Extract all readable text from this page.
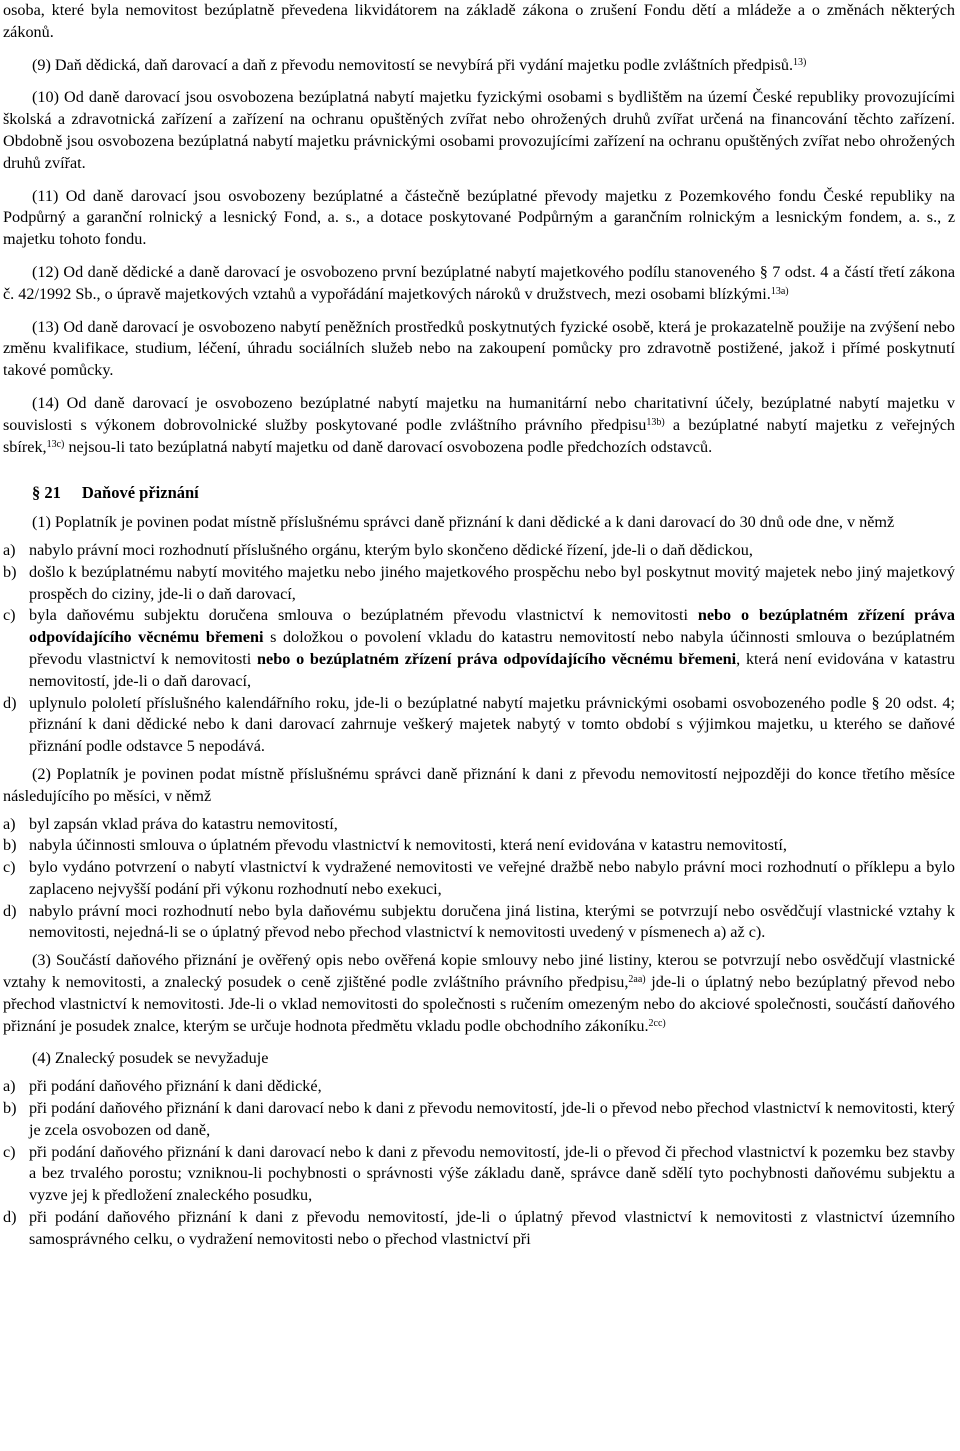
osoba, které byla nemovitost bezúplatně převedena likvidátorem na základě zákona o zrušení Fondu dětí a mládeže a o změnách některých zákonů.

(9) Daň dědická, daň darovací a daň z převodu nemovitostí se nevybírá při vydání majetku podle zvláštních předpisů.$^{13)}$

(10) Od daně darovací jsou osvobozena bezúplatná nabytí majetku fyzickými osobami s bydlištěm na území České republiky provozujícími školská a zdravotnická zařízení a zařízení na ochranu opuštěných zvířat nebo ohrožených druhů zvířat určená na financování těchto zařízení. Obdobně jsou osvobozena bezúplatná nabytí majetku právnickými osobami provozujícími zařízení na ochranu opuštěných zvířat nebo ohrožených druhů zvířat.

(11) Od daně darovací jsou osvobozeny bezúplatné a částečně bezúplatné převody majetku z Pozemkového fondu České republiky na Podpůrný a garanční rolnický a lesnický Fond, a. s., a dotace poskytované Podpůrným a garančním rolnickým a lesnickým fondem, a. s., z majetku tohoto fondu.

(12) Od daně dědické a daně darovací je osvobozeno první bezúplatné nabytí majetkového podílu stanoveného § 7 odst. 4 a částí třetí zákona č. 42/1992 Sb., o úpravě majetkových vztahů a vypořádání majetkových nároků v družstvech, mezi osobami blízkými.$^{13a)}$

(13) Od daně darovací je osvobozeno nabytí peněžních prostředků poskytnutých fyzické osobě, která je prokazatelně použije na zvýšení nebo změnu kvalifikace, studium, léčení, úhradu sociálních služeb nebo na zakoupení pomůcky pro zdravotně postižené, jakož i přímé poskytnutí takové pomůcky.

(14) Od daně darovací je osvobozeno bezúplatné nabytí majetku na humanitární nebo charitativní účely, bezúplatné nabytí majetku v souvislosti s výkonem dobrovolnické služby poskytované podle zvláštního právního předpisu$^{13b)}$ a bezúplatné nabytí majetku z veřejných sbírek,$^{13c)}$ nejsou-li tato bezúplatná nabytí majetku od daně darovací osvobozena podle předchozích odstavců.

§ 21 Daňové přiznání

(1) Poplatník je povinen podat místně příslušnému správci daně přiznání k dani dědické a k dani darovací do 30 dnů ode dne, v němž

a) nabylo právní moci rozhodnutí příslušného orgánu, kterým bylo skončeno dědické řízení, jde-li o daň dědickou,
b) došlo k bezúplatnému nabytí movitého majetku nebo jiného majetkového prospěchu nebo byl poskytnut movitý majetek nebo jiný majetkový prospěch do ciziny, jde-li o daň darovací,
c) byla daňovému subjektu doručena smlouva o bezúplatném převodu vlastnictví k nemovitosti nebo o bezúplatném zřízení práva odpovídajícího věcnému břemeni s doložkou o povolení vkladu do katastru nemovitostí nebo nabyla účinnosti smlouva o bezúplatném převodu vlastnictví k nemovitosti nebo o bezúplatném zřízení práva odpovídajícího věcnému břemeni, která není evidována v katastru nemovitostí, jde-li o daň darovací,
d) uplynulo pololetí příslušného kalendářního roku, jde-li o bezúplatné nabytí majetku právnickými osobami osvobozeného podle § 20 odst. 4; přiznání k dani dědické nebo k dani darovací zahrnuje veškerý majetek nabytý v tomto období s výjimkou majetku, u kterého se daňové přiznání podle odstavce 5 nepodává.

(2) Poplatník je povinen podat místně příslušnému správci daně přiznání k dani z převodu nemovitostí nejpozději do konce třetího měsíce následujícího po měsíci, v němž

a) byl zapsán vklad práva do katastru nemovitostí,
b) nabyla účinnosti smlouva o úplatném převodu vlastnictví k nemovitosti, která není evidována v katastru nemovitostí,
c) bylo vydáno potvrzení o nabytí vlastnictví k vydražené nemovitosti ve veřejné dražbě nebo nabylo právní moci rozhodnutí o příklepu a bylo zaplaceno nejvyšší podání při výkonu rozhodnutí nebo exekuci,
d) nabylo právní moci rozhodnutí nebo byla daňovému subjektu doručena jiná listina, kterými se potvrzují nebo osvědčují vlastnické vztahy k nemovitosti, nejedná-li se o úplatný převod nebo přechod vlastnictví k nemovitosti uvedený v písmenech a) až c).

(3) Součástí daňového přiznání je ověřený opis nebo ověřená kopie smlouvy nebo jiné listiny, kterou se potvrzují nebo osvědčují vlastnické vztahy k nemovitosti, a znalecký posudek o ceně zjištěné podle zvláštního právního předpisu,$^{2aa)}$ jde-li o úplatný nebo bezúplatný převod nebo přechod vlastnictví k nemovitosti. Jde-li o vklad nemovitosti do společnosti s ručením omezeným nebo do akciové společnosti, součástí daňového přiznání je posudek znalce, kterým se určuje hodnota předmětu vkladu podle obchodního zákoníku.$^{2cc)}$

(4) Znalecký posudek se nevyžaduje

a) při podání daňového přiznání k dani dědické,
b) při podání daňového přiznání k dani darovací nebo k dani z převodu nemovitostí, jde-li o převod nebo přechod vlastnictví k nemovitosti, který je zcela osvobozen od daně,
c) při podání daňového přiznání k dani darovací nebo k dani z převodu nemovitostí, jde-li o převod či přechod vlastnictví k pozemku bez stavby a bez trvalého porostu; vzniknou-li pochybnosti o správnosti výše základu daně, správce daně sdělí tyto pochybnosti daňovému subjektu a vyzve jej k předložení znaleckého posudku,
d) při podání daňového přiznání k dani z převodu nemovitostí, jde-li o úplatný převod vlastnictví k nemovitosti z vlastnictví územního samosprávného celku, o vydražení nemovitosti nebo o přechod vlastnictví při
